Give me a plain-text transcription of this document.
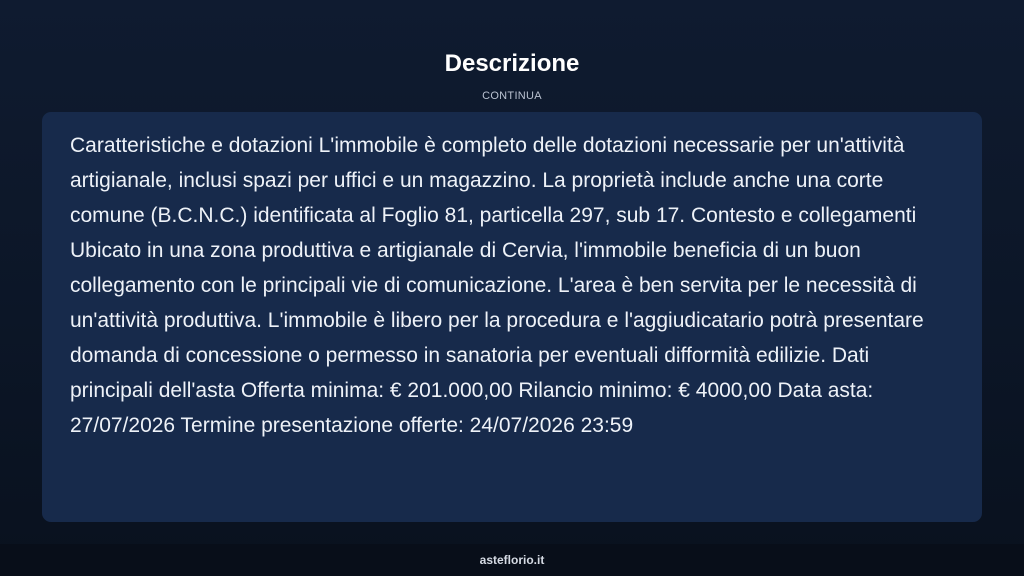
Descrizione
CONTINUA

Caratteristiche e dotazioni L'immobile è completo delle dotazioni necessarie per un'attività artigianale, inclusi spazi per uffici e un magazzino. La proprietà include anche una corte comune (B.C.N.C.) identificata al Foglio 81, particella 297, sub 17. Contesto e collegamenti Ubicato in una zona produttiva e artigianale di Cervia, l'immobile beneficia di un buon collegamento con le principali vie di comunicazione. L'area è ben servita per le necessità di un'attività produttiva. L'immobile è libero per la procedura e l'aggiudicatario potrà presentare domanda di concessione o permesso in sanatoria per eventuali difformità edilizie. Dati principali dell'asta Offerta minima: € 201.000,00 Rilancio minimo: € 4000,00 Data asta: 27/07/2026 Termine presentazione offerte: 24/07/2026 23:59

asteflorio.it
